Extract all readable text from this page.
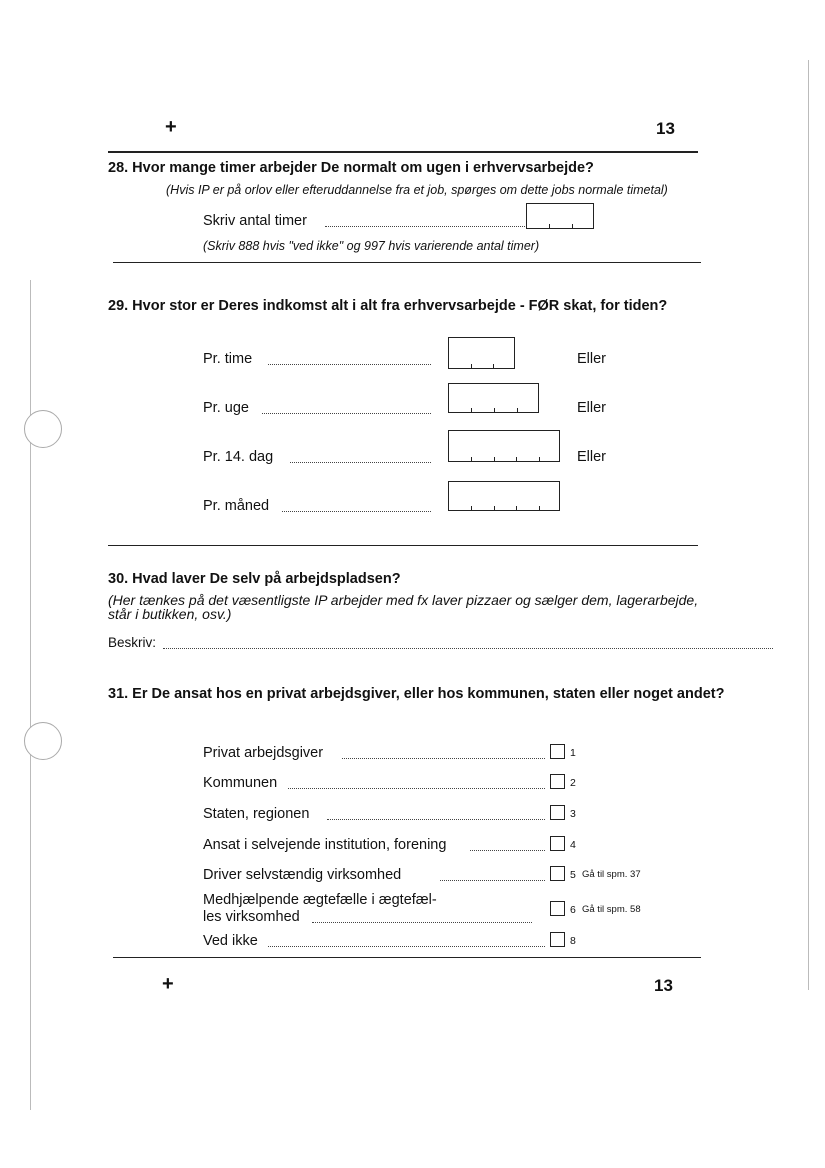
+	13
28. Hvor mange timer arbejder De normalt om ugen i erhvervsarbejde?
(Hvis IP er på orlov eller efteruddannelse fra et job, spørges om dette jobs normale timetal)
Skriv antal timer
(Skriv 888 hvis "ved ikke" og 997 hvis varierende antal timer)
29. Hvor stor er Deres indkomst alt i alt fra erhvervsarbejde - FØR skat, for tiden?
Pr. time	Eller
Pr. uge	Eller
Pr. 14. dag	Eller
Pr. måned
30. Hvad laver De selv på arbejdspladsen?
(Her tænkes på det væsentligste IP arbejder med fx laver pizzaer og sælger dem, lagerarbejde,
står i butikken, osv.)
Beskriv:
31. Er De ansat hos en privat arbejdsgiver, eller hos kommunen, staten eller noget andet?
Privat arbejdsgiver	1
Kommunen	2
Staten, regionen	3
Ansat i selvejende institution, forening	4
Driver selvstændig virksomhed	5 Gå til spm. 37
Medhjælpende ægtefælle i ægtefæl-
les virksomhed	6 Gå til spm. 58
Ved ikke	8
+	13
